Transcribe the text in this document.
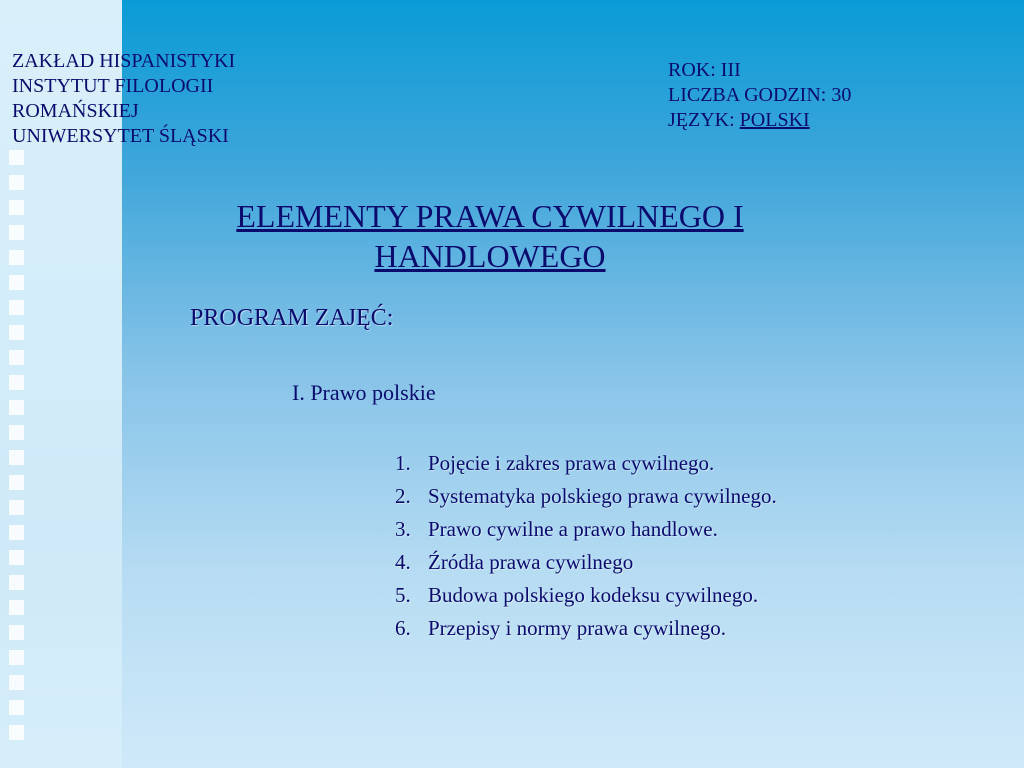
ZAKŁAD HISPANISTYKI
INSTYTUT FILOLOGII
ROMAŃSKIEJ
UNIWERSYTET ŚLĄSKI
ROK: III
LICZBA GODZIN: 30
JĘZYK: POLSKI
ELEMENTY PRAWA CYWILNEGO I
HANDLOWEGO
PROGRAM ZAJĘĆ:
I. Prawo polskie
1. Pojęcie i zakres prawa cywilnego.
2. Systematyka polskiego prawa cywilnego.
3. Prawo cywilne a prawo handlowe.
4. Źródła prawa cywilnego
5. Budowa polskiego kodeksu cywilnego.
6. Przepisy i normy prawa cywilnego.
